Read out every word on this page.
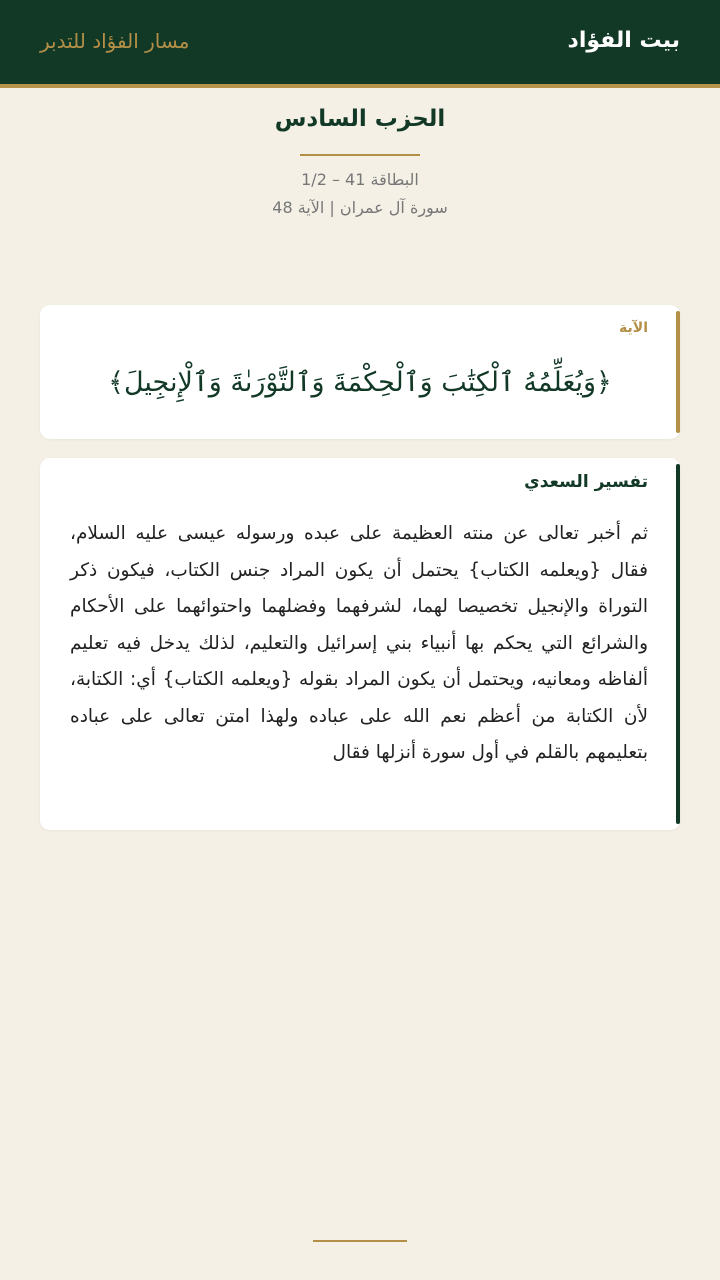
بيت الفؤاد
مسار الفؤاد للتدبر
الحزب السادس
البطاقة 41 – 1/2
سورة آل عمران | الآية 48
الآية
﴿وَيُعَلِّمُهُ ٱلْكِتَٰبَ وَٱلْحِكْمَةَ وَٱلتَّوْرَىٰةَ وَٱلْإِنجِيلَ﴾
تفسير السعدي
ثم أخبر تعالى عن منته العظيمة على عبده ورسوله عيسى عليه السلام، فقال {ويعلمه الكتاب} يحتمل أن يكون المراد جنس الكتاب، فيكون ذكر التوراة والإنجيل تخصيصا لهما، لشرفهما وفضلهما واحتوائهما على الأحكام والشرائع التي يحكم بها أنبياء بني إسرائيل والتعليم، لذلك يدخل فيه تعليم ألفاظه ومعانيه، ويحتمل أن يكون المراد بقوله {ويعلمه الكتاب} أي: الكتابة، لأن الكتابة من أعظم نعم الله على عباده ولهذا امتن تعالى على عباده بتعليمهم بالقلم في أول سورة أنزلها فقال
